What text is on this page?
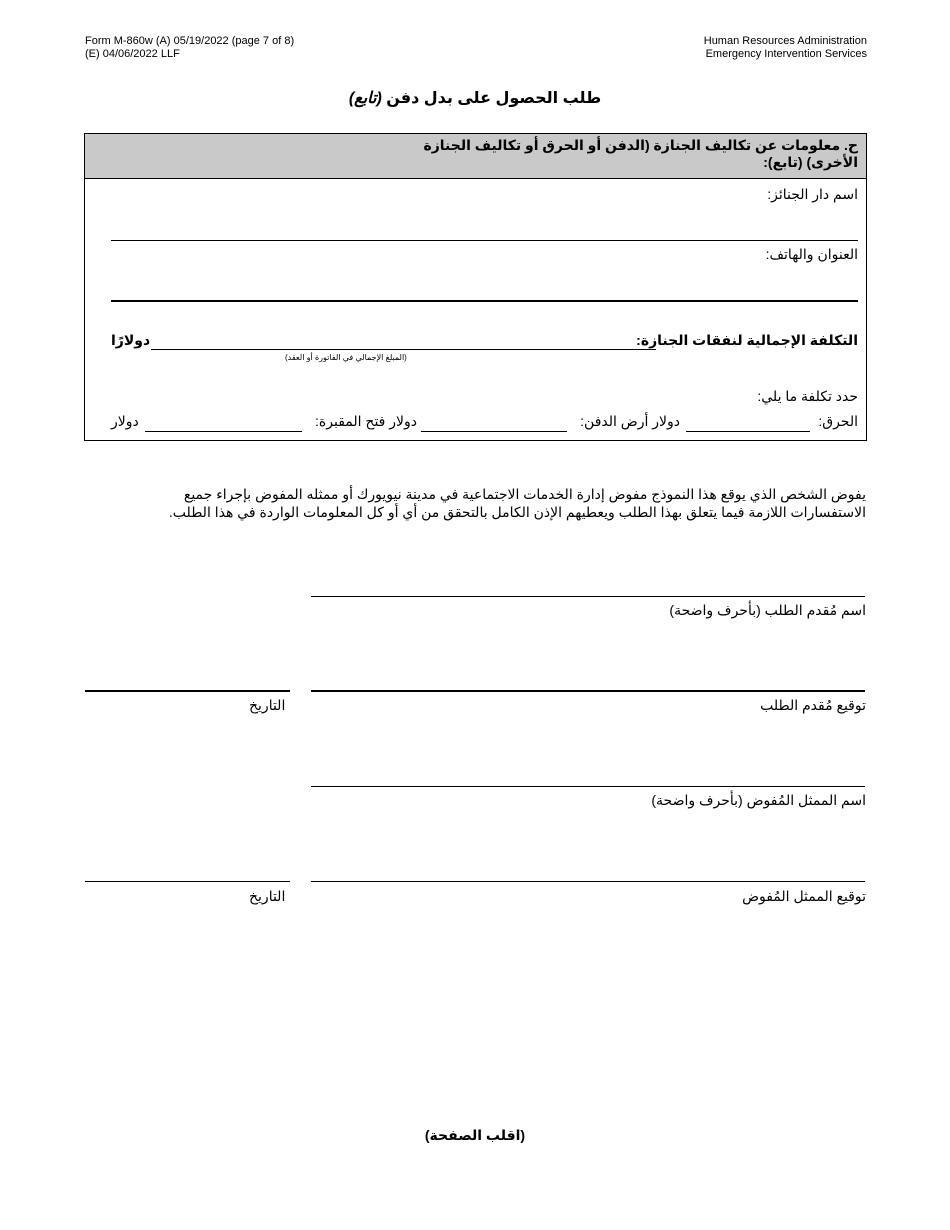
Form M-860w (A) 05/19/2022 (page 7 of 8)
(E) 04/06/2022 LLF
Human Resources Administration
Emergency Intervention Services
طلب الحصول على بدل دفن (تابع)
ح. معلومات عن تكاليف الجنازة (الدفن أو الحرق أو تكاليف الجنازة الأخرى) (تابع):
اسم دار الجنائز:
العنوان والهاتف:
التكلفة الإجمالية لنفقات الجنازة:
دولارًا
(المبلغ الإجمالي في الفاتورة أو العقد)
حدد تكلفة ما يلي:
الحرق:
دولار أرض الدفن:
دولار فتح المقبرة:
دولار
يفوض الشخص الذي يوقع هذا النموذج مفوض إدارة الخدمات الاجتماعية في مدينة نيويورك أو ممثله المفوض بإجراء جميع الاستفسارات اللازمة فيما يتعلق بهذا الطلب ويعطيهم الإذن الكامل بالتحقق من أي أو كل المعلومات الواردة في هذا الطلب.
اسم مُقدم الطلب (بأحرف واضحة)
توقيع مُقدم الطلب
التاريخ
اسم الممثل المُفوض (بأحرف واضحة)
توقيع الممثل المُفوض
التاريخ
(اقلب الصفحة)
